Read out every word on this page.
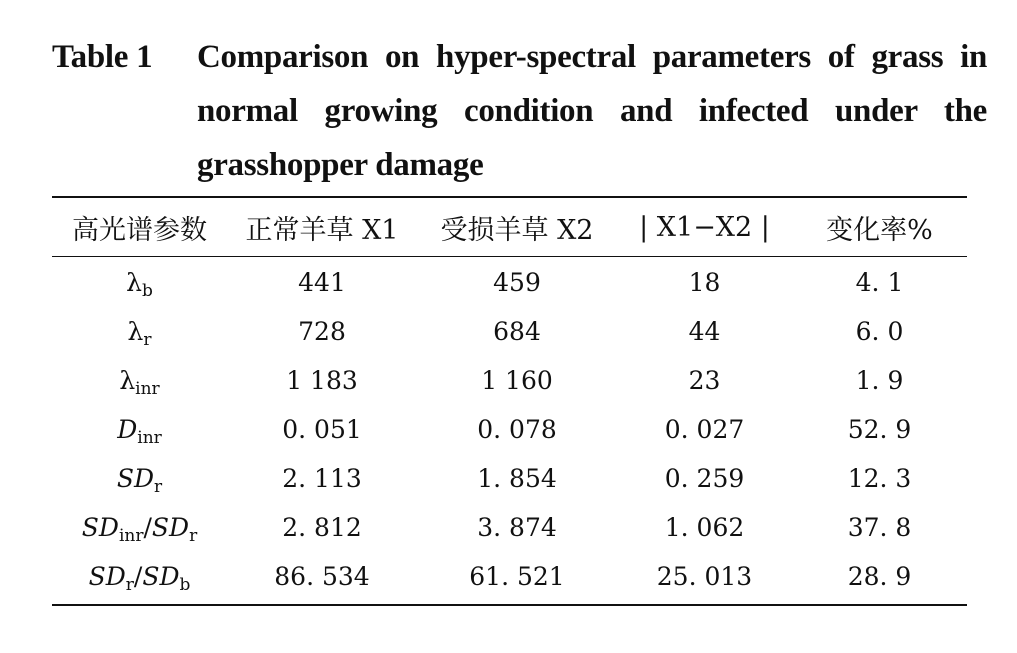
Table 1 Comparison on hyper-spectral parameters of grass in normal growing condition and infected under the grasshopper damage
高光谱参数	正常羊草 X1	受损羊草 X2	| X1−X2 |	变化率%
$\lambda_b$	441	459	18	4. 1
$\lambda_r$	728	684	44	6. 0
$\lambda_{inr}$	1 183	1 160	23	1. 9
$D_{inr}$	0. 051	0. 078	0. 027	52. 9
$SD_r$	2. 113	1. 854	0. 259	12. 3
$SD_{inr}/SD_r$	2. 812	3. 874	1. 062	37. 8
$SD_r/SD_b$	86. 534	61. 521	25. 013	28. 9
